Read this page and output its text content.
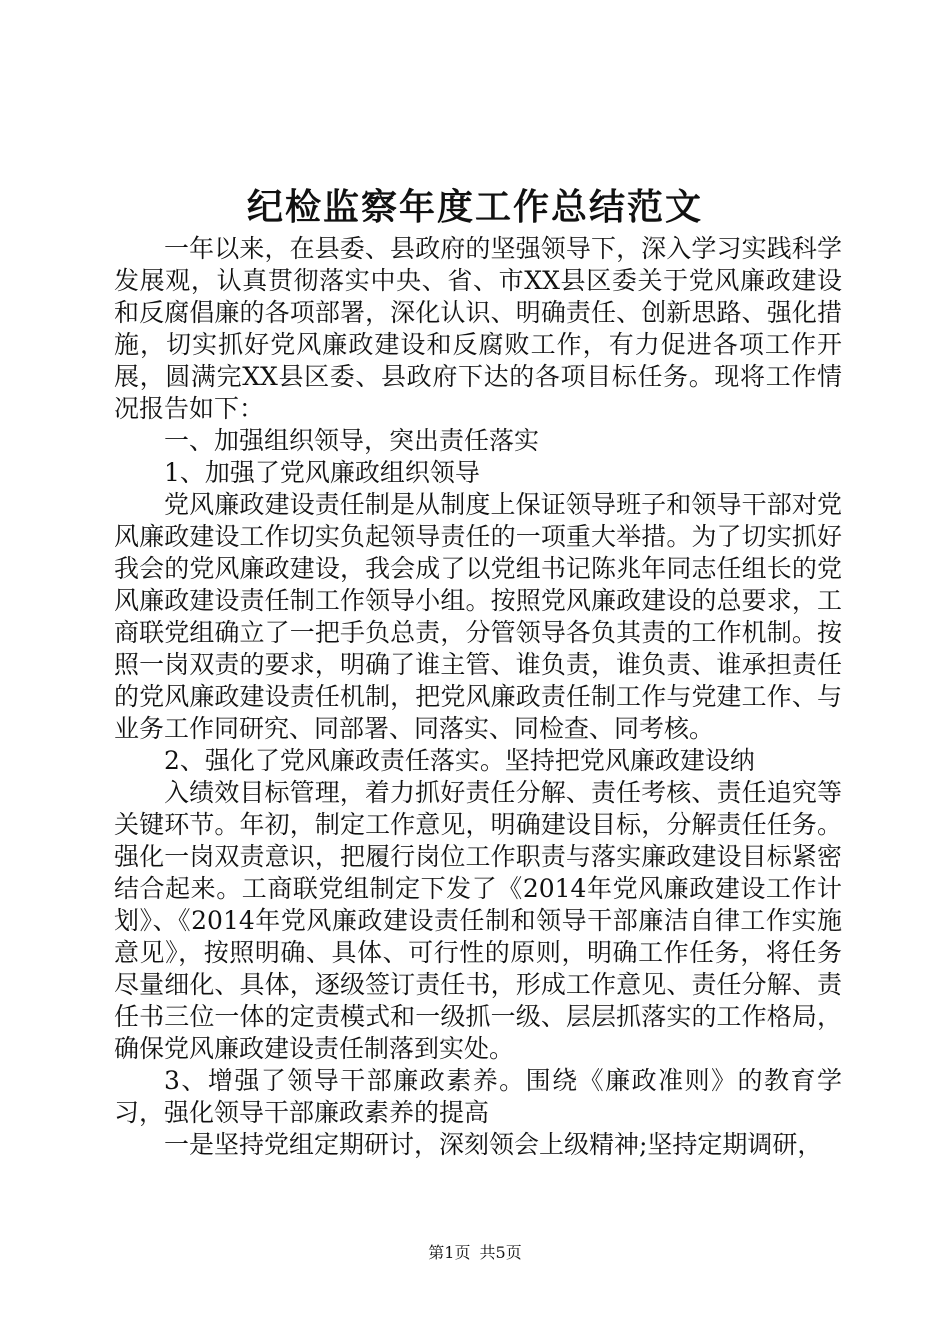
纪检监察年度工作总结范文

一年以来，在县委、县政府的坚强领导下，深入学习实践科学发展观，认真贯彻落实中央、省、市XX县区委关于党风廉政建设和反腐倡廉的各项部署，深化认识、明确责任、创新思路、强化措施，切实抓好党风廉政建设和反腐败工作，有力促进各项工作开展，圆满完XX县区委、县政府下达的各项目标任务。现将工作情况报告如下：

一、加强组织领导，突出责任落实

1、加强了党风廉政组织领导

党风廉政建设责任制是从制度上保证领导班子和领导干部对党风廉政建设工作切实负起领导责任的一项重大举措。为了切实抓好我会的党风廉政建设，我会成了以党组书记陈兆年同志任组长的党风廉政建设责任制工作领导小组。按照党风廉政建设的总要求，工商联党组确立了一把手负总责，分管领导各负其责的工作机制。按照一岗双责的要求，明确了谁主管、谁负责，谁负责、谁承担责任的党风廉政建设责任机制，把党风廉政责任制工作与党建工作、与业务工作同研究、同部署、同落实、同检查、同考核。

2、强化了党风廉政责任落实。坚持把党风廉政建设纳

入绩效目标管理，着力抓好责任分解、责任考核、责任追究等关键环节。年初，制定工作意见，明确建设目标，分解责任任务。强化一岗双责意识，把履行岗位工作职责与落实廉政建设目标紧密结合起来。工商联党组制定下发了《2014年党风廉政建设工作计划》、《2014年党风廉政建设责任制和领导干部廉洁自律工作实施意见》，按照明确、具体、可行性的原则，明确工作任务，将任务尽量细化、具体，逐级签订责任书，形成工作意见、责任分解、责任书三位一体的定责模式和一级抓一级、层层抓落实的工作格局，确保党风廉政建设责任制落到实处。

3、增强了领导干部廉政素养。围绕《廉政准则》的教育学习，强化领导干部廉政素养的提高

一是坚持党组定期研讨，深刻领会上级精神;坚持定期调研，

第1页 共5页
